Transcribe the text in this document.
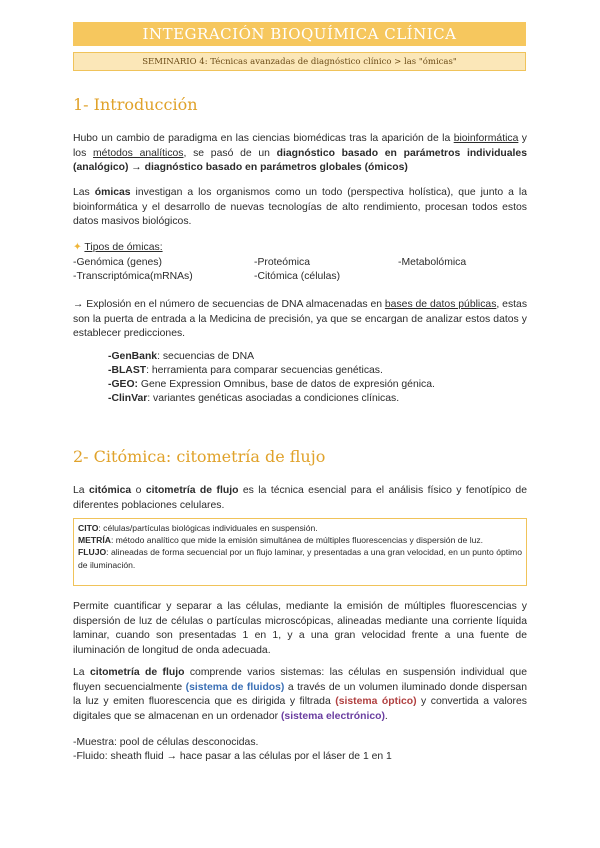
INTEGRACIÓN BIOQUÍMICA CLÍNICA
SEMINARIO 4: Técnicas avanzadas de diagnóstico clínico > las "ómicas"
1- Introducción

Hubo un cambio de paradigma en las ciencias biomédicas tras la aparición de la bioinformática y los métodos analíticos, se pasó de un diagnóstico basado en parámetros individuales (analógico) → diagnóstico basado en parámetros globales (ómicos)

Las ómicas investigan a los organismos como un todo (perspectiva holística), que junto a la bioinformática y el desarrollo de nuevas tecnologías de alto rendimiento, procesan todos estos datos masivos biológicos.

✦ Tipos de ómicas:
-Genómica (genes)	-Proteómica	-Metabolómica
-Transcriptómica(mRNAs)	-Citómica (células)

→ Explosión en el número de secuencias de DNA almacenadas en bases de datos públicas, estas son la puerta de entrada a la Medicina de precisión, ya que se encargan de analizar estos datos y establecer predicciones.

-GenBank: secuencias de DNA
-BLAST: herramienta para comparar secuencias genéticas.
-GEO: Gene Expression Omnibus, base de datos de expresión génica.
-ClinVar: variantes genéticas asociadas a condiciones clínicas.
2- Citómica: citometría de flujo

La citómica o citometría de flujo es la técnica esencial para el análisis físico y fenotípico de diferentes poblaciones celulares.

CITO: células/partículas biológicas individuales en suspensión.
METRÍA: método analítico que mide la emisión simultánea de múltiples fluorescencias y dispersión de luz.
FLUJO: alineadas de forma secuencial por un flujo laminar, y presentadas a una gran velocidad, en un punto óptimo de iluminación.

Permite cuantificar y separar a las células, mediante la emisión de múltiples fluorescencias y dispersión de luz de células o partículas microscópicas, alineadas mediante una corriente líquida laminar, cuando son presentadas 1 en 1, y a una gran velocidad frente a una fuente de iluminación de longitud de onda adecuada.

La citometría de flujo comprende varios sistemas: las células en suspensión individual que fluyen secuencialmente (sistema de fluidos) a través de un volumen iluminado donde dispersan la luz y emiten fluorescencia que es dirigida y filtrada (sistema óptico) y convertida a valores digitales que se almacenan en un ordenador (sistema electrónico).

-Muestra: pool de células desconocidas.
-Fluido: sheath fluid → hace pasar a las células por el láser de 1 en 1
